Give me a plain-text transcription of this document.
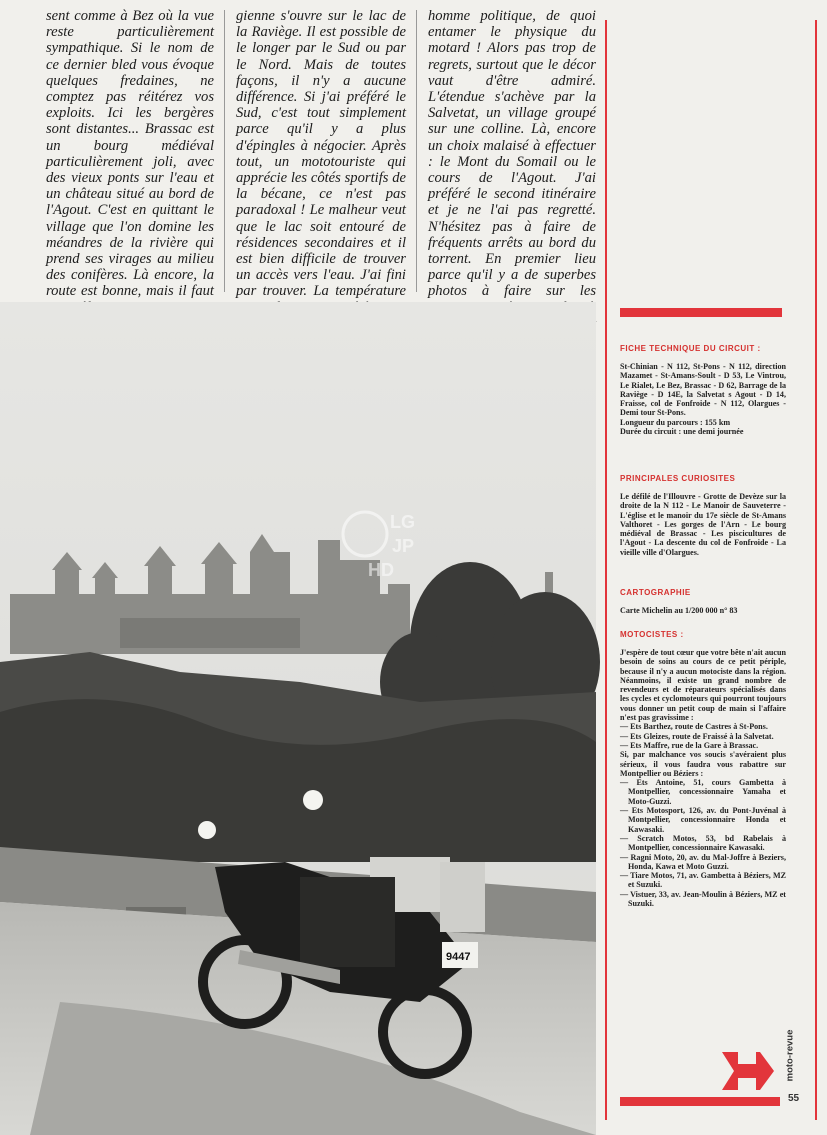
sent comme à Bez où la vue reste particulièrement sympathique. Si le nom de ce dernier bled vous évoque quelques fredaines, ne comptez pas réitérez vos exploits. Ici les bergères sont distantes... Brassac est un bourg médiéval particulièrement joli, avec des vieux ponts sur l'eau et un château situé au bord de l'Agout. C'est en quittant le village que l'on domine les méandres de la rivière qui prend ses virages au milieu des conifères. Là encore, la route est bonne, mais il faut
gienne s'ouvre sur le lac de la Raviège. Il est possible de le longer par le Sud ou par le Nord. Mais de toutes façons, il n'y a aucune différence. Si j'ai préféré le Sud, c'est tout simplement parce qu'il y a plus d'épingles à négocier. Après tout, un mototouriste qui apprécie les côtés sportifs de la bécane, ce n'est pas paradoxal ! Le malheur veut que le lac soit entouré de résidences secondaires et il est bien difficile de trouver un accès vers l'eau. J'ai fini par trouver. La température
homme politique, de quoi entamer le physique du motard ! Alors pas trop de regrets, surtout que le décor vaut d'être admiré. L'étendue s'achève par la Salvetat, un village groupé sur une colline. Là, encore un choix malaisé à effectuer : le Mont du Somail ou le cours de l'Agout. J'ai préféré le second itinéraire et je ne l'ai pas regretté. N'hésitez pas à faire de fréquents arrêts au bord du torrent. En premier lieu parce qu'il y a de superbes photos à faire sur les
9447
LG
JP
HD
FICHE TECHNIQUE DU CIRCUIT :

St-Chinian - N 112, St-Pons - N 112, direction Mazamet - St-Amans-Soult - D 53, Le Vintrou, Le Rialet, Le Bez, Brassac - D 62, Barrage de la Raviège - D 14E, la Salvetat s Agout - D 14, Fraisse, col de Fonfroide - N 112, Olargues - Demi tour St-Pons.

Longueur du parcours : 155 km

Durée du circuit : une demi journée

PRINCIPALES CURIOSITES

Le défilé de l'Illouvre - Grotte de Devèze sur la droite de la N 112 - Le Manoir de Sauveterre - L'église et le manoir du 17e siècle de St-Amans Valthoret - Les gorges de l'Arn - Le bourg médiéval de Brassac - Les piscicultures de l'Agout - La descente du col de Fonfroide - La vieille ville d'Olargues.

CARTOGRAPHIE

Carte Michelin au 1/200 000 n° 83

MOTOCISTES :

J'espère de tout cœur que votre bête n'ait aucun besoin de soins au cours de ce petit périple, because il n'y a aucun motociste dans la région. Néanmoins, il existe un grand nombre de revendeurs et de réparateurs spécialisés dans les cycles et cyclomoteurs qui pourront toujours vous donner un petit coup de main si l'affaire n'est pas gravissime :

— Ets Barthez, route de Castres à St-Pons.

— Ets Gleizes, route de Fraissé à la Salvetat.

— Ets Maffre, rue de la Gare à Brassac.

Si, par malchance vos soucis s'avéraient plus sérieux, il vous faudra vous rabattre sur Montpellier ou Béziers :

— Ets Antoine, 51, cours Gambetta à Montpellier, concessionnaire Yamaha et Moto-Guzzi.

— Ets Motosport, 126, av. du Pont-Juvénal à Montpellier, concessionnaire Honda et Kawasaki.

— Scratch Motos, 53, bd Rabelais à Montpellier, concessionnaire Kawasaki.

— Ragni Moto, 20, av. du Mal-Joffre à Beziers, Honda, Kawa et Moto Guzzi.

— Tiare Motos, 71, av. Gambetta à Béziers, MZ et Suzuki.

— Vistuer, 33, av. Jean-Moulin à Béziers, MZ et Suzuki.

moto-revue
55
